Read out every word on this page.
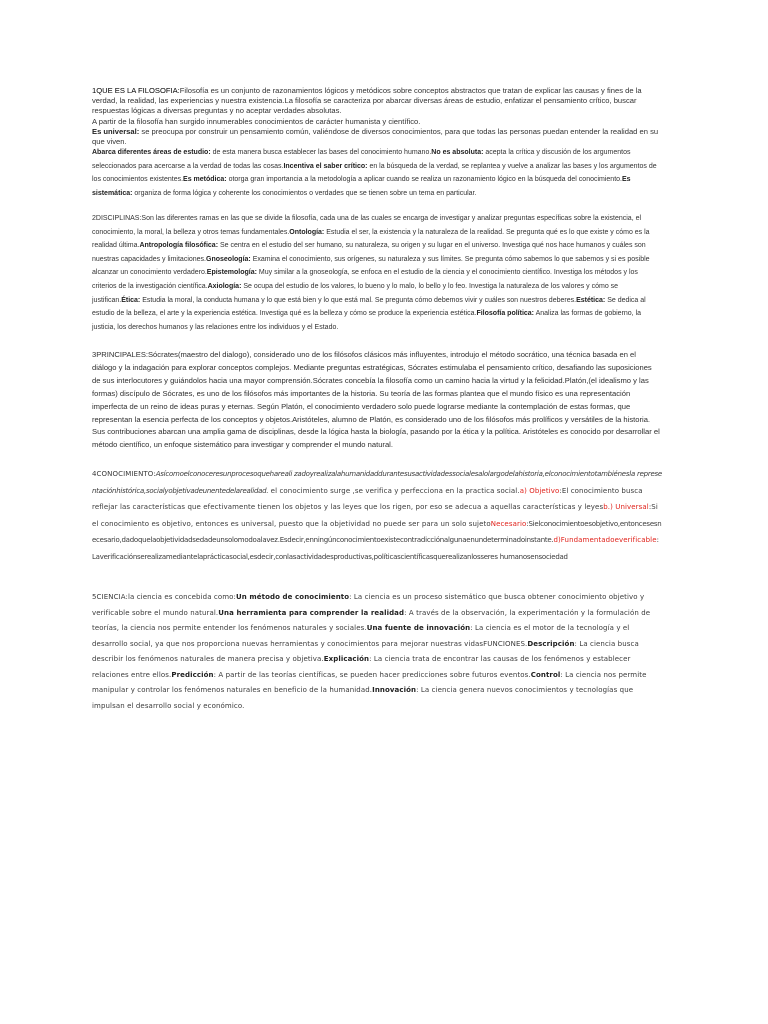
1QUE ES LA FILOSOFIA:Filosofía es un conjunto de razonamientos lógicos y metódicos sobre conceptos abstractos que tratan de explicar las causas y fines de la verdad, la realidad, las experiencias y nuestra existencia.La filosofía se caracteriza por abarcar diversas áreas de estudio, enfatizar el pensamiento crítico, buscar respuestas lógicas a diversas preguntas y no aceptar verdades absolutas.
A partir de la filosofía han surgido innumerables conocimientos de carácter humanista y científico.
Es universal: se preocupa por construir un pensamiento común, valiéndose de diversos conocimientos, para que todas las personas puedan entender la realidad en su que viven.

Abarca diferentes áreas de estudio: de esta manera busca establecer las bases del conocimiento humano.No es absoluta: acepta la crítica y discusión de los argumentos seleccionados para acercarse a la verdad de todas las cosas.Incentiva el saber crítico: en la búsqueda de la verdad, se replantea y vuelve a analizar las bases y los argumentos de los conocimientos existentes.Es metódica: otorga gran importancia a la metodología a aplicar cuando se realiza un razonamiento lógico en la búsqueda del conocimiento.Es sistemática: organiza de forma lógica y coherente los conocimientos o verdades que se tienen sobre un tema en particular.

2DISCIPLINAS:Son las diferentes ramas en las que se divide la filosofía, cada una de las cuales se encarga de investigar y analizar preguntas específicas sobre la existencia, el conocimiento, la moral, la belleza y otros temas fundamentales.Ontología: Estudia el ser, la existencia y la naturaleza de la realidad. Se pregunta qué es lo que existe y cómo es la realidad última.Antropología filosófica: Se centra en el estudio del ser humano, su naturaleza, su origen y su lugar en el universo. Investiga qué nos hace humanos y cuáles son nuestras capacidades y limitaciones.Gnoseología: Examina el conocimiento, sus orígenes, su naturaleza y sus límites. Se pregunta cómo sabemos lo que sabemos y si es posible alcanzar un conocimiento verdadero.Epistemología: Muy similar a la gnoseología, se enfoca en el estudio de la ciencia y el conocimiento científico. Investiga los métodos y los criterios de la investigación científica.Axiología: Se ocupa del estudio de los valores, lo bueno y lo malo, lo bello y lo feo. Investiga la naturaleza de los valores y cómo se justifican.Ética: Estudia la moral, la conducta humana y lo que está bien y lo que está mal. Se pregunta cómo debemos vivir y cuáles son nuestros deberes.Estética: Se dedica al estudio de la belleza, el arte y la experiencia estética. Investiga qué es la belleza y cómo se produce la experiencia estética.Filosofía política: Analiza las formas de gobierno, la justicia, los derechos humanos y las relaciones entre los individuos y el Estado.

3PRINCIPALES:Sócrates(maestro del dialogo), considerado uno de los filósofos clásicos más influyentes, introdujo el método socrático, una técnica basada en el diálogo y la indagación para explorar conceptos complejos. Mediante preguntas estratégicas, Sócrates estimulaba el pensamiento crítico, desafiando las suposiciones de sus interlocutores y guiándolos hacia una mayor comprensión.Sócrates concebía la filosofía como un camino hacia la virtud y la felicidad.Platón,(el idealismo y las formas) discípulo de Sócrates, es uno de los filósofos más importantes de la historia. Su teoría de las formas plantea que el mundo físico es una representación imperfecta de un reino de ideas puras y eternas. Según Platón, el conocimiento verdadero solo puede lograrse mediante la contemplación de estas formas, que representan la esencia perfecta de los conceptos y objetos.Aristóteles, alumno de Platón, es considerado uno de los filósofos más prolíficos y versátiles de la historia. Sus contribuciones abarcan una amplia gama de disciplinas, desde la lógica hasta la biología, pasando por la ética y la política. Aristóteles es conocido por desarrollar el método científico, un enfoque sistemático para investigar y comprender el mundo natural.

4CONOCIMIENTO:Asícomoelconoceresunprocesoquehareali zadoyrealizalahumanidaddurantesusactividadessocialesalolargodelahistoria,elconocimientotambiénesla representaciónhistórica,socialyobjetivadeunentedelarealidad. el conocimiento surge ,se verifica y perfecciona en la practica social.a) Objetivo:El conocimiento busca reflejar las características que efectivamente tienen los objetos y las leyes que los rigen, por eso se adecua a aquellas características y leyesb.) Universal:Si el conocimiento es objetivo, entonces es universal, puesto que la objetividad no puede ser para un solo sujetoNecesario:Sielconocimientoesobjetivo,entoncesesnecesario,dadoquelaobjetividadsedadeunsolomodoalavez.Esdecir,enningúnconocimientoexistecontradicciónalgunaenundeterminadoinstante.d)Fundamentadoeverificable:Laverificaciónserealizamediantelaprácticasocial,esdecir,conlasactividadesproductivas,políticascientíficasquerealizanlosseres humanosensociedad

5CIENCIA:la ciencia es concebida como:Un método de conocimiento: La ciencia es un proceso sistemático que busca obtener conocimiento objetivo y verificable sobre el mundo natural.Una herramienta para comprender la realidad: A través de la observación, la experimentación y la formulación de teorías, la ciencia nos permite entender los fenómenos naturales y sociales.Una fuente de innovación: La ciencia es el motor de la tecnología y el desarrollo social, ya que nos proporciona nuevas herramientas y conocimientos para mejorar nuestras vidasFUNCIONES.Descripción: La ciencia busca describir los fenómenos naturales de manera precisa y objetiva.Explicación: La ciencia trata de encontrar las causas de los fenómenos y establecer relaciones entre ellos.Predicción: A partir de las teorías científicas, se pueden hacer predicciones sobre futuros eventos.Control: La ciencia nos permite manipular y controlar los fenómenos naturales en beneficio de la humanidad.Innovación: La ciencia genera nuevos conocimientos y tecnologías que impulsan el desarrollo social y económico.
